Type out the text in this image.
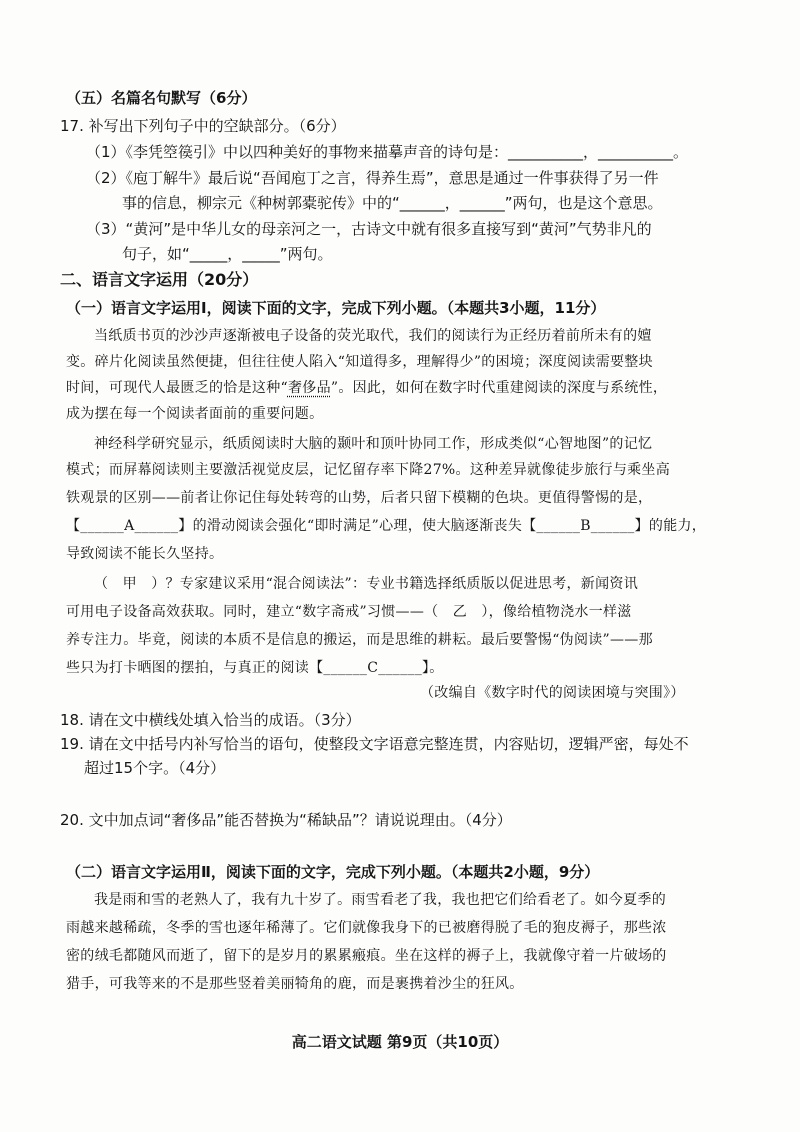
（五）名篇名句默写（6分）
17. 补写出下列句子中的空缺部分。（6分）
（1）《李凭箜篌引》中以四种美好的事物来描摹声音的诗句是：__________，__________。
（2）《庖丁解牛》最后说“吾闻庖丁之言，得养生焉”，意思是通过一件事获得了另一件
事的信息，柳宗元《种树郭橐驼传》中的“______，______”两句，也是这个意思。
（3）“黄河”是中华儿女的母亲河之一，古诗文中就有很多直接写到“黄河”气势非凡的
句子，如“_____，_____”两句。
二、语言文字运用（20分）
（一）语言文字运用Ⅰ，阅读下面的文字，完成下列小题。（本题共3小题，11分）
当纸质书页的沙沙声逐渐被电子设备的荧光取代，我们的阅读行为正经历着前所未有的嬗
变。碎片化阅读虽然便捷，但往往使人陷入“知道得多，理解得少”的困境；深度阅读需要整块
时间，可现代人最匮乏的恰是这种“奢侈品”。因此，如何在数字时代重建阅读的深度与系统性，
成为摆在每一个阅读者面前的重要问题。
神经科学研究显示，纸质阅读时大脑的颞叶和顶叶协同工作，形成类似“心智地图”的记忆
模式；而屏幕阅读则主要激活视觉皮层，记忆留存率下降27%。这种差异就像徒步旅行与乘坐高
铁观景的区别——前者让你记住每处转弯的山势，后者只留下模糊的色块。更值得警惕的是，
【______A______】的滑动阅读会强化“即时满足”心理，使大脑逐渐丧失【______B______】的能力，
导致阅读不能长久坚持。
（　甲　）？专家建议采用“混合阅读法”：专业书籍选择纸质版以促进思考，新闻资讯
可用电子设备高效获取。同时，建立“数字斋戒”习惯——（　乙　），像给植物浇水一样滋
养专注力。毕竟，阅读的本质不是信息的搬运，而是思维的耕耘。最后要警惕“伪阅读”——那
些只为打卡晒图的摆拍，与真正的阅读【______C______】。
（改编自《数字时代的阅读困境与突围》）
18. 请在文中横线处填入恰当的成语。（3分）
19. 请在文中括号内补写恰当的语句，使整段文字语意完整连贯，内容贴切，逻辑严密，每处不
超过15个字。（4分）
20. 文中加点词“奢侈品”能否替换为“稀缺品”？请说说理由。（4分）
（二）语言文字运用Ⅱ，阅读下面的文字，完成下列小题。（本题共2小题，9分）
我是雨和雪的老熟人了，我有九十岁了。雨雪看老了我，我也把它们给看老了。如今夏季的
雨越来越稀疏，冬季的雪也逐年稀薄了。它们就像我身下的已被磨得脱了毛的狍皮褥子，那些浓
密的绒毛都随风而逝了，留下的是岁月的累累瘢痕。坐在这样的褥子上，我就像守着一片破场的
猎手，可我等来的不是那些竖着美丽犄角的鹿，而是裹携着沙尘的狂风。
高二语文试题 第9页（共10页）
